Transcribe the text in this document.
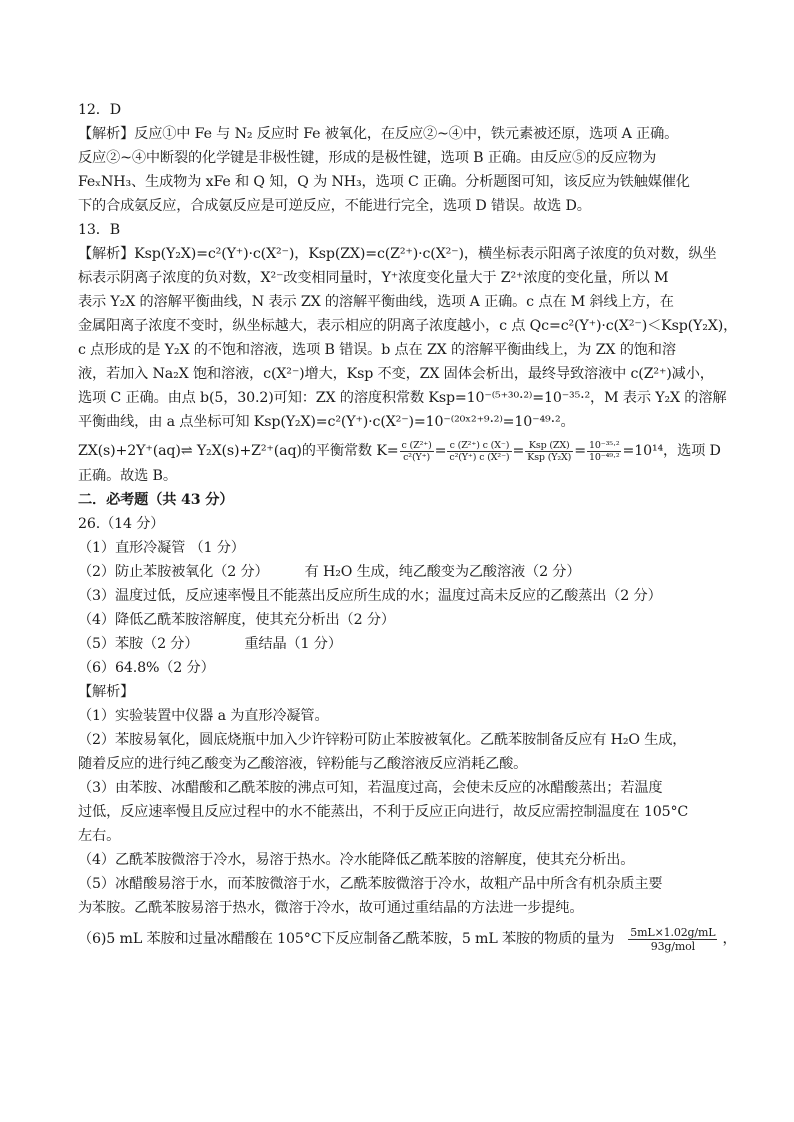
12．D
【解析】反应①中 Fe 与 N₂ 反应时 Fe 被氧化，在反应②~④中，铁元素被还原，选项 A 正确。
反应②~④中断裂的化学键是非极性键，形成的是极性键，选项 B 正确。由反应⑤的反应物为
FeₓNH₃、生成物为 xFe 和 Q 知，Q 为 NH₃，选项 C 正确。分析题图可知，该反应为铁触媒催化
下的合成氨反应，合成氨反应是可逆反应，不能进行完全，选项 D 错误。故选 D。
13．B
【解析】Ksp(Y₂X)=c²(Y⁺)·c(X²⁻)，Ksp(ZX)=c(Z²⁺)·c(X²⁻)，横坐标表示阳离子浓度的负对数，纵坐
标表示阴离子浓度的负对数，X²⁻改变相同量时，Y⁺浓度变化量大于 Z²⁺浓度的变化量，所以 M
表示 Y₂X 的溶解平衡曲线，N 表示 ZX 的溶解平衡曲线，选项 A 正确。c 点在 M 斜线上方，在
金属阳离子浓度不变时，纵坐标越大，表示相应的阴离子浓度越小，c 点 Qc=c²(Y⁺)·c(X²⁻)＜Ksp(Y₂X)，
c 点形成的是 Y₂X 的不饱和溶液，选项 B 错误。b 点在 ZX 的溶解平衡曲线上，为 ZX 的饱和溶
液，若加入 Na₂X 饱和溶液，c(X²⁻)增大，Ksp 不变，ZX 固体会析出，最终导致溶液中 c(Z²⁺)减小，
选项 C 正确。由点 b(5，30.2)可知：ZX 的溶度积常数 Ksp=10⁻⁽⁵⁺³⁰·²⁾=10⁻³⁵·²，M 表示 Y₂X 的溶解
平衡曲线，由 a 点坐标可知 Ksp(Y₂X)=c²(Y⁺)·c(X²⁻)=10⁻⁽²⁰ˣ²⁺⁹·²⁾=10⁻⁴⁹·²。
ZX(s)+2Y⁺(aq)⇌ Y₂X(s)+Z²⁺(aq)的平衡常数 $K= \frac{\text{c (Z²⁺)}}{\text{c²(Y⁺)}} = \frac{\text{c (Z²⁺) c (X⁻)}}{\text{c²(Y⁺) c (X²⁻)}} = \frac{\text{Ksp (ZX)}}{\text{Ksp (Y₂X)}} = \frac{\text{10⁻³⁵·²}}{\text{10⁻⁴⁹·²}} =10^{14}$，选项 D
正确。故选 B。
二．必考题（共 43 分）
26.（14 分）
（1）直形冷凝管 （1 分）
（2）防止苯胺被氧化（2 分）	有 H₂O 生成，纯乙酸变为乙酸溶液（2 分）
（3）温度过低，反应速率慢且不能蒸出反应所生成的水；温度过高未反应的乙酸蒸出（2 分）
（4）降低乙酰苯胺溶解度，使其充分析出（2 分）
（5）苯胺（2 分）	重结晶（1 分）
（6）64.8%（2 分）
【解析】
（1）实验装置中仪器 a 为直形冷凝管。
（2）苯胺易氧化，圆底烧瓶中加入少许锌粉可防止苯胺被氧化。乙酰苯胺制备反应有 H₂O 生成，
随着反应的进行纯乙酸变为乙酸溶液，锌粉能与乙酸溶液反应消耗乙酸。
（3）由苯胺、冰醋酸和乙酰苯胺的沸点可知，若温度过高，会使未反应的冰醋酸蒸出；若温度
过低，反应速率慢且反应过程中的水不能蒸出，不利于反应正向进行，故反应需控制温度在 105°C
左右。
（4）乙酰苯胺微溶于冷水，易溶于热水。冷水能降低乙酰苯胺的溶解度，使其充分析出。
（5）冰醋酸易溶于水，而苯胺微溶于水，乙酰苯胺微溶于冷水，故粗产品中所含有机杂质主要
为苯胺。乙酰苯胺易溶于热水，微溶于冷水，故可通过重结晶的方法进一步提纯。
（6)5 mL 苯胺和过量冰醋酸在 105°C下反应制备乙酰苯胺，5 mL 苯胺的物质的量为 $\frac{5mL\times 1.02g/mL}{\text{93g/mol}}$ ，
